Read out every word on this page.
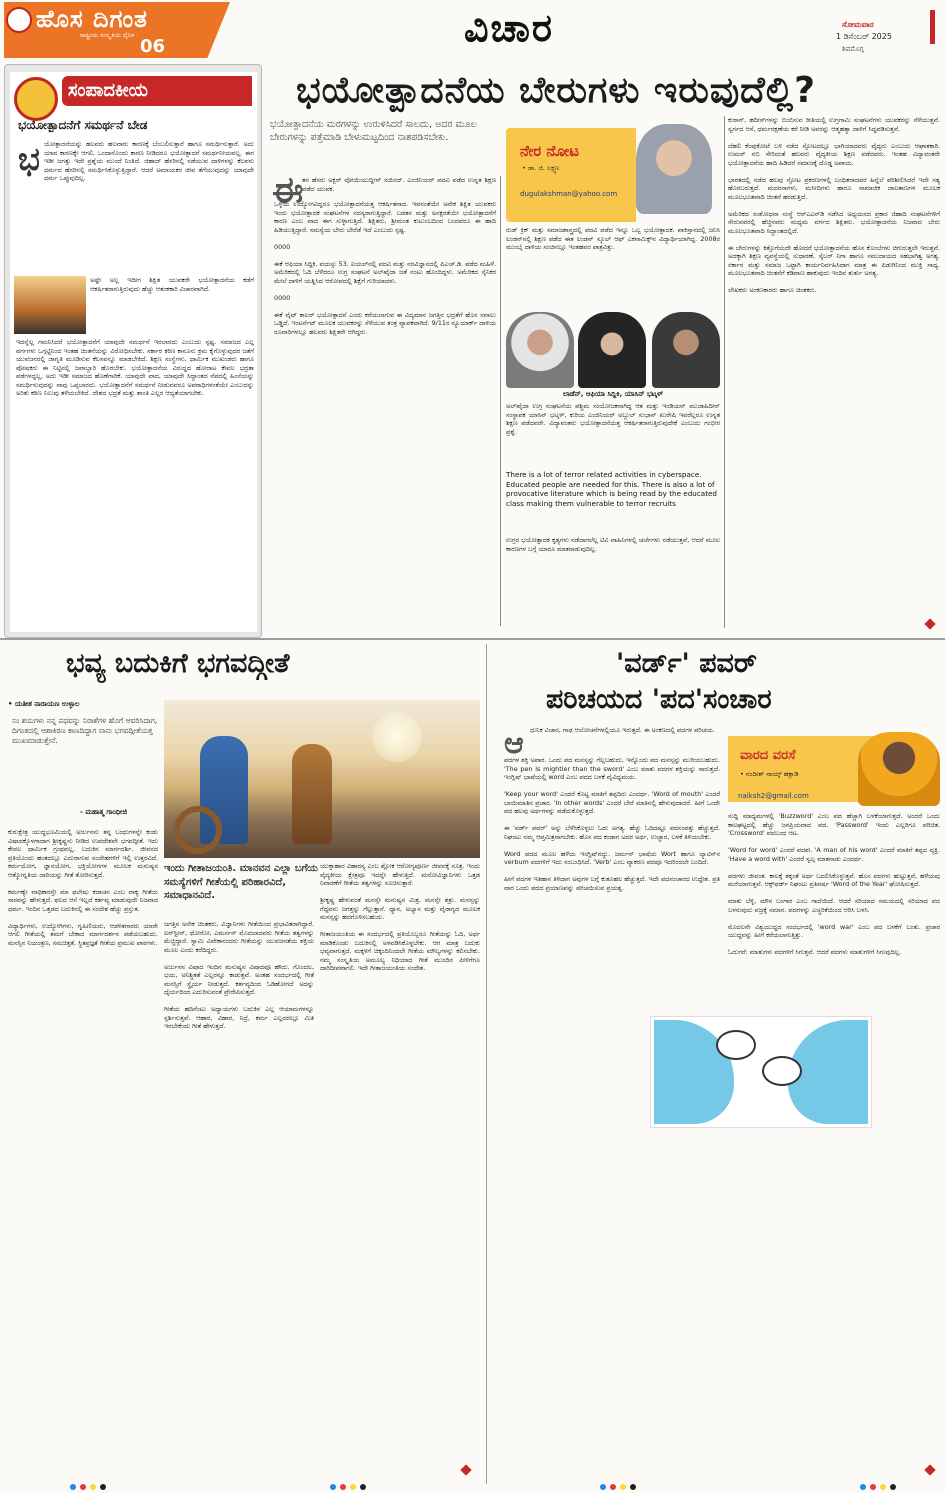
ಹೊಸ ದಿಗಂತ
ರಾಷ್ಟ್ರೀಯ ಸಂಸ್ಕೃತಿಯ ದೈನಿಕ
06	ವಿಚಾರ	ಸೋಮವಾರ
1 ಡಿಸೆಂಬರ್ 2025
ಶಿವಮೊಗ್ಗ
ಸಂಪಾದಕೀಯ
ಭಯೋತ್ಪಾದನೆಗೆ ಸಮರ್ಥನೆ ಬೇಡ
ಭ ಯೋತ್ಪಾದನೆಯನ್ನು ಹಲವರು ಹಲವಾರು ಕಾರಣಕ್ಕೆ ಬೆಂಬಲಿಸುತ್ತಾರೆ ಹಾಗೂ ಸಮರ್ಥಿಸುತ್ತಾರೆ. ಅದು ಯಾವ ಕಾರಣಕ್ಕೇ ಆಗಲಿ, ಒಂದಾನೊಂದು ಕಾರಣ ನೀಡಿದರೂ ಭಯೋತ್ಪಾದನೆ ಸಮರ್ಥನೀಯವಲ್ಲ. ಈಗ ಇಡೀ ಜಗತ್ತು ಇದೇ ಪ್ರಶ್ನೆಯ ಮುಂದೆ ನಿಂತಿದೆ. ಜಿಹಾದ್ ಹೆಸರಿನಲ್ಲಿ ನಡೆಯುವ ದಾಳಿಗಳನ್ನು ಕೆಲವರು ಧರ್ಮದ ಹೆಸರಿನಲ್ಲಿ ಸಮರ್ಥಿಸಿಕೊಳ್ಳುತ್ತಿದ್ದಾರೆ. ಆದರೆ ಅಮಾಯಕರ ಜೀವ ತೆಗೆಯುವುದನ್ನು ಯಾವುದೇ ಧರ್ಮ ಒಪ್ಪುವುದಿಲ್ಲ.
ಅಷ್ಟೇ ಅಲ್ಲ ಇದೀಗ ಶಿಕ್ಷಿತ ಯುವಕರೇ ಭಯೋತ್ಪಾದನೆಯ ಕಡೆಗೆ ಆಕರ್ಷಿತರಾಗುತ್ತಿರುವುದು ಹೆಚ್ಚು ಆತಂಕಕಾರಿ ವಿಚಾರವಾಗಿದೆ.
ಇದನ್ನೆಲ್ಲ ಗಮನಿಸಿದರೆ ಭಯೋತ್ಪಾದನೆಗೆ ಯಾವುದೇ ಸಮರ್ಥನೆ ಇರಲಾರದು ಎಂಬುದು ಸ್ಪಷ್ಟ. ಸಮಾಜದ ಎಲ್ಲ ವರ್ಗಗಳು ಒಗ್ಗಟ್ಟಿನಿಂದ ಇಂತಹ ಚಿಂತನೆಯನ್ನು ವಿರೋಧಿಸಬೇಕು. ಸರ್ಕಾರ ಕಠಿಣ ಕಾನೂನು ಕ್ರಮ ಕೈಗೊಳ್ಳುವುದರ ಜತೆಗೆ ಯುವಜನರಲ್ಲಿ ಜಾಗೃತಿ ಮೂಡಿಸುವ ಕೆಲಸವನ್ನೂ ಮಾಡಬೇಕಿದೆ. ಶಿಕ್ಷಣ ಸಂಸ್ಥೆಗಳು, ಧಾರ್ಮಿಕ ಮುಖಂಡರು ಹಾಗೂ ಪೋಷಕರು ಈ ನಿಟ್ಟಿನಲ್ಲಿ ಜವಾಬ್ದಾರಿ ಹೊರಬೇಕು. ಭಯೋತ್ಪಾದನೆಯ ವಿರುದ್ಧದ ಹೋರಾಟ ಕೇವಲ ಭದ್ರತಾ ಪಡೆಗಳದ್ದಲ್ಲ, ಅದು ಇಡೀ ಸಮಾಜದ ಹೊಣೆಗಾರಿಕೆ. ಯಾವುದೇ ವಾದ, ಯಾವುದೇ ಸಿದ್ಧಾಂತದ ನೆಪದಲ್ಲಿ ಹಿಂಸೆಯನ್ನು ಸಮರ್ಥಿಸುವುದನ್ನು ನಾವು ಒಪ್ಪಬಾರದು. ಭಯೋತ್ಪಾದನೆಗೆ ಸಮರ್ಥನೆ ನೀಡುವವರೂ ಅಪರಾಧಿಗಳಂತೆಯೇ ಎಂಬುದನ್ನು ಅರಿತು ಕಠಿಣ ನಿಲುವು ತಳೆಯಬೇಕಿದೆ. ದೇಶದ ಭದ್ರತೆ ಮತ್ತು ಶಾಂತಿ ಎಲ್ಲರ ಆದ್ಯತೆಯಾಗಬೇಕು.
ಭಯೋತ್ಪಾದನೆಯ ಬೇರುಗಳು ಇರುವುದೆಲ್ಲಿ?
ಭಯೋತ್ಪಾದನೆಯ ಮರಗಳನ್ನು ಉರುಳಿಸಿದರೆ ಸಾಲದು, ಅದರ ಮೂಲ ಬೇರುಗಳನ್ನು ಪತ್ತೆಮಾಡಿ ಬೇಳುಮಟ್ಟದಿಂದ ನಾಶಪಡಿಸಬೇಕು.
ಈ
ತನ ಹೆಸರು ಅಕ್ಬರ್ ವೋಯಿಯುದ್ದೀನ್ ಸಯೀದ್. ಎಂಜಿನಿಯರ್ ಪದವಿ ಪಡೆದ ಉನ್ನತ ಶಿಕ್ಷಣ ಪಡೆದ ಯುವಕ.
ಒಳ್ಳೆಯ ಉದ್ಯೋಗವಿದ್ದರೂ ಭಯೋತ್ಪಾದನೆಯತ್ತ ಆಕರ್ಷಿತನಾದ. ಇವನಂತೆಯೇ ಅನೇಕ ಶಿಕ್ಷಿತ ಯುವಕರು ಇಂದು ಭಯೋತ್ಪಾದಕ ಸಂಘಟನೆಗಳ ಸದಸ್ಯರಾಗುತ್ತಿದ್ದಾರೆ. ಬಡತನ ಮತ್ತು ಅನಕ್ಷರತೆಯೇ ಭಯೋತ್ಪಾದನೆಗೆ ಕಾರಣ ಎಂಬ ವಾದ ಈಗ ಸುಳ್ಳಾಗುತ್ತಿದೆ. ಶಿಕ್ಷಿತರು, ಶ್ರೀಮಂತ ಕುಟುಂಬದಿಂದ ಬಂದವರೂ ಈ ಹಾದಿ ಹಿಡಿಯುತ್ತಿದ್ದಾರೆ. ಸಮಸ್ಯೆಯ ಬೇರು ಬೇರೆಡೆ ಇದೆ ಎಂಬುದು ಸ್ಪಷ್ಟ.

0000

ಈಕೆ ಆಫಿಯಾ ಸಿದ್ದಿಕಿ. ವಯಸ್ಸು 53. ಐಯಲ್‌ನಲ್ಲಿ ಪದವಿ ಮತ್ತು ನರವಿಜ್ಞಾನದಲ್ಲಿ ಪಿಎಚ್.ಡಿ. ಪಡೆದ ಮಹಿಳೆ. ಅಮೆರಿಕದಲ್ಲಿ ಓದಿ ಬೆಳೆದರೂ ಉಗ್ರ ಸಂಘಟನೆ ಅಲ್‌ಖೈದಾ ಜತೆ ನಂಟು ಹೊಂದಿದ್ದಳು. ಅಮೆರಿಕದ ಸೈನಿಕರ ಮೇಲೆ ದಾಳಿಗೆ ಯತ್ನಿಸಿದ ಆರೋಪದಲ್ಲಿ ಶಿಕ್ಷೆಗೆ ಗುರಿಯಾದಳು.

0000

ಈಕೆ ವೈಟ್ ಕಾಲರ್ ಭಯೋತ್ಪಾದನೆ ಎಂದು ಕರೆಯಲಾಗುವ ಈ ವಿದ್ಯಮಾನ ಜಗತ್ತಿನ ಭದ್ರತೆಗೆ ಹೊಸ ಸವಾಲು ಒಡ್ಡಿದೆ. ಇಂಟರ್ನೆಟ್ ಮೂಲಕ ಯುವಕರನ್ನು ಸೆಳೆಯುವ ತಂತ್ರ ವ್ಯಾಪಕವಾಗಿದೆ. 9/11ರ ನ್ಯೂಯಾರ್ಕ್ ದಾಳಿಯ ರೂವಾರಿಗಳಲ್ಲೂ ಹಲವರು ಶಿಕ್ಷಿತರೇ ಆಗಿದ್ದರು.
ನೇರ ನೋಟ
• ಡಾ. ಜಿ. ಲಕ್ಷ್ಮಣ
dugulakshman@yahoo.com
ರುಡ್ ಕ್ರಿಕ್ ಮತ್ತು ಸಮಾಜಶಾಸ್ತ್ರದಲ್ಲಿ ಪದವಿ ಪಡೆದ ಇನ್ನೂ ಒಬ್ಬ ಭಯೋತ್ಪಾದಕ. ಪಾಕಿಸ್ತಾನದಲ್ಲಿ ಜನಿಸಿ ಲಂಡನ್‌ನಲ್ಲಿ ಶಿಕ್ಷಣ ಪಡೆದ ಈತ ಲಂಡನ್ ಸ್ಕೂಲ್ ಆಫ್ ಎಕನಾಮಿಕ್ಸ್‌ನ ವಿದ್ಯಾರ್ಥಿಯಾಗಿದ್ದ. 2008ರ ಮುಂಬೈ ದಾಳಿಯ ಸಂಚಿನಲ್ಲೂ ಇಂತಹವರ ಪಾತ್ರವಿತ್ತು.
ಲಾಡೆನ್, ಆಫಿಯಾ ಸಿದ್ದಿಕಿ, ಯಾಸಿನ್ ಭಟ್ಕಳ್
ಅಲ್‌ಖೈದಾ ಉಗ್ರ ಸಂಘಟನೆಯ ಪಶ್ಚಿಮ ಸಂಯೋಜಕನಾಗಿದ್ದ ಆತ ಮತ್ತು ಇಂಡಿಯನ್ ಮುಜಾಹಿದೀನ್ ಸಂಸ್ಥಾಪಕ ಯಾಸಿನ್ ಭಟ್ಕಳ್, ಕುರಿಯ ಎಂಜಿನಿಯರ್ ಅಬ್ದುಲ್ ಸುಭಾನ್ ಖುರೇಷಿ ಇವರೆಲ್ಲರೂ ಉನ್ನತ ಶಿಕ್ಷಣ ಪಡೆದವರೇ. ವಿದ್ಯಾವಂತರು ಭಯೋತ್ಪಾದನೆಯತ್ತ ಆಕರ್ಷಿತರಾಗುತ್ತಿರುವುದೇಕೆ ಎಂಬುದು ಗಂಭೀರ ಪ್ರಶ್ನೆ.
There is a lot of terror related activities in cyberspace. Educated people are needed for this. There is also a lot of provocative literature which is being read by the educated class making them vulnerable to terror recruits
ಉಗ್ರರ ಭಯೋತ್ಪಾದಕ ಕೃತ್ಯಗಳು ನಡೆದಾಗಲೆಲ್ಲ ಟಿವಿ ವಾಹಿನಿಗಳಲ್ಲಿ ಚರ್ಚೆಗಳು ನಡೆಯುತ್ತವೆ, ಆದರೆ ಮೂಲ ಕಾರಣಗಳ ಬಗ್ಗೆ ಯಾರೂ ಮಾತನಾಡುವುದಿಲ್ಲ.
ಕುರಾನ್, ಹದೀಸ್‌ಗಳನ್ನು ಬಿಂಬಿಸುವ ರೀತಿಯಲ್ಲಿ ಉಗ್ರಗಾಮಿ ಸಂಘಟನೆಗಳು ಯುವಕರನ್ನು ಸೆಳೆಯುತ್ತವೆ. ಸ್ವರ್ಗದ ಆಸೆ, ಧರ್ಮರಕ್ಷಣೆಯ ಕರೆ ನೀಡಿ ಅವರನ್ನು ಆತ್ಮಹತ್ಯಾ ದಾಳಿಗೆ ಸಿದ್ಧಪಡಿಸುತ್ತವೆ.

ದೆಹಲಿ ಕೆಂಪುಕೋಟೆ ಬಳಿ ನಡೆದ ಸ್ಫೋಟದಲ್ಲೂ ಭಾಗಿಯಾದವರು ವೈದ್ಯರು ಎಂಬುದು ಆಘಾತಕಾರಿ. ಉಮರ್ ನಬಿ ಸೇರಿದಂತೆ ಹಲವರು ವೈದ್ಯಕೀಯ ಶಿಕ್ಷಣ ಪಡೆದವರು. ಇಂತಹ ವಿದ್ಯಾವಂತರೇ ಭಯೋತ್ಪಾದನೆಯ ಹಾದಿ ಹಿಡಿದರೆ ಸಮಾಜಕ್ಕೆ ದೊಡ್ಡ ಅಪಾಯ.

ಭಾರತದಲ್ಲಿ ನಡೆದ ಹಲವು ಸ್ಫೋಟ ಪ್ರಕರಣಗಳಲ್ಲಿ ಬಂಧಿತರಾದವರ ಹಿನ್ನೆಲೆ ಪರಿಶೀಲಿಸಿದರೆ ಇದೇ ಸತ್ಯ ಹೊರಬರುತ್ತದೆ. ಮದರಸಾಗಳು, ಮಸೀದಿಗಳು ಹಾಗೂ ಸಾಮಾಜಿಕ ಜಾಲತಾಣಗಳ ಮೂಲಕ ಮೂಲಭೂತವಾದಿ ಚಿಂತನೆ ಹರಡುತ್ತಿದೆ.

ಅಮೆರಿಕದ ಸಂಶೋಧನಾ ಸಂಸ್ಥೆ ಆರ್‌ಎಎನ್‌ಡಿ ನಡೆಸಿದ ಅಧ್ಯಯನದ ಪ್ರಕಾರ ಜಿಹಾದಿ ಸಂಘಟನೆಗಳಿಗೆ ಸೇರುವವರಲ್ಲಿ ಹೆಚ್ಚಿನವರು ಮಧ್ಯಮ ವರ್ಗದ ಶಿಕ್ಷಿತರು. ಭಯೋತ್ಪಾದನೆಯ ನಿಜವಾದ ಬೇರು ಮೂಲಭೂತವಾದಿ ಸಿದ್ಧಾಂತದಲ್ಲಿದೆ.

ಈ ಬೇರುಗಳನ್ನು ಕಿತ್ತೊಗೆಯದೇ ಹೋದರೆ ಭಯೋತ್ಪಾದನೆಯ ಹೊಸ ಕೊಂಬೆಗಳು ಚಿಗುರುತ್ತಲೇ ಇರುತ್ತವೆ. ಅದಕ್ಕಾಗಿ ಶಿಕ್ಷಣ ವ್ಯವಸ್ಥೆಯಲ್ಲಿ ಸುಧಾರಣೆ, ಸೈಬರ್ ನಿಗಾ ಹಾಗೂ ಸಮುದಾಯದ ಸಹಭಾಗಿತ್ವ ಅಗತ್ಯ. ಸರ್ಕಾರ ಮತ್ತು ಸಮಾಜ ಒಟ್ಟಾಗಿ ಕಾರ್ಯನಿರ್ವಹಿಸಿದಾಗ ಮಾತ್ರ ಈ ಪಿಡುಗಿನಿಂದ ಮುಕ್ತಿ ಸಾಧ್ಯ. ಮೂಲಭೂತವಾದಿ ಚಿಂತನೆಗೆ ಕಡಿವಾಣ ಹಾಕುವುದು ಇಂದಿನ ತುರ್ತು ಅಗತ್ಯ.

ಲೇಖಕರು ಅಂಕಣಕಾರರು ಹಾಗೂ ಚಿಂತಕರು.
ಭವ್ಯ ಬದುಕಿಗೆ ಭಗವದ್ಗೀತೆ
• ಯತೀಶ ನಾರಾಯಣ ಉಳ್ಳಾಲ
ಸಂ ಶಯಗಳು ನನ್ನ ಪಥವನ್ನು ನಿರಾಶೆಗಳ ಹೊಗೆ ಆವರಿಸಿದಾಗ, ದಿಗಂತದಲ್ಲಿ ಆಶಾಕಿರಣ ಕಾಣದಿದ್ದಾಗ ನಾನು ಭಗವದ್ಗೀತೆಯತ್ತ ಮುಖಮಾಡುತ್ತೇನೆ.
- ಮಹಾತ್ಮ ಗಾಂಧೀಜಿ
ಇಂದು ಗೀತಾಜಯಂತಿ. ಮಾನವನ ಎಲ್ಲಾ ಬಗೆಯ ಸಮಸ್ಯೆಗಳಿಗೆ ಗೀತೆಯಲ್ಲಿ ಪರಿಹಾರವಿದೆ, ಸಮಾಧಾನವಿದೆ.
ಕುರುಕ್ಷೇತ್ರ ಯುದ್ಧಭೂಮಿಯಲ್ಲಿ ಅರ್ಜುನನು ತನ್ನ ಬಂಧುಗಳನ್ನೇ ಕಂಡು ವಿಷಾದಕ್ಕೊಳಗಾದಾಗ ಶ್ರೀಕೃಷ್ಣನು ನೀಡಿದ ಉಪದೇಶವೇ ಭಗವದ್ಗೀತೆ. ಇದು ಕೇವಲ ಧಾರ್ಮಿಕ ಗ್ರಂಥವಲ್ಲ, ಬದುಕಿನ ಮಾರ್ಗದರ್ಶಿ. ಜೀವನದ ಪ್ರತಿಯೊಂದು ಹಂತದಲ್ಲೂ ಎದುರಾಗುವ ಸಂದೇಹಗಳಿಗೆ ಇಲ್ಲಿ ಉತ್ತರವಿದೆ. ಕರ್ಮಯೋಗ, ಜ್ಞಾನಯೋಗ, ಭಕ್ತಿಯೋಗಗಳ ಮೂಲಕ ಮನುಷ್ಯನ ಆತ್ಮೋನ್ನತಿಯ ದಾರಿಯನ್ನು ಗೀತೆ ತೋರಿಸುತ್ತದೆ.

ಕರ್ಮಣ್ಯೇ ವಾಧಿಕಾರಸ್ತೇ ಮಾ ಫಲೇಷು ಕದಾಚನ ಎಂಬ ವಾಕ್ಯ ಗೀತೆಯ ಸಾರವನ್ನು ಹೇಳುತ್ತದೆ. ಫಲದ ಆಸೆ ಇಲ್ಲದೆ ಕರ್ತವ್ಯ ಮಾಡುವುದೇ ನಿಜವಾದ ಧರ್ಮ. ಇಂದಿನ ಒತ್ತಡದ ಬದುಕಿನಲ್ಲಿ ಈ ಸಂದೇಶ ಹೆಚ್ಚು ಪ್ರಸ್ತುತ.

ವಿದ್ಯಾರ್ಥಿಗಳು, ಉದ್ಯೋಗಿಗಳು, ಗೃಹಿಣಿಯರು, ಆಡಳಿತಗಾರರು ಯಾರೇ ಆಗಲಿ ಗೀತೆಯಲ್ಲಿ ತಮಗೆ ಬೇಕಾದ ಮಾರ್ಗದರ್ಶನ ಪಡೆಯಬಹುದು. ಮನಸ್ಸಿನ ನಿಯಂತ್ರಣ, ಸಮಚಿತ್ತತೆ, ಸ್ಥಿತಪ್ರಜ್ಞತೆ ಗೀತೆಯ ಪ್ರಮುಖ ಪಾಠಗಳು.
ಜಗತ್ತಿನ ಅನೇಕ ಚಿಂತಕರು, ವಿಜ್ಞಾನಿಗಳು ಗೀತೆಯಿಂದ ಪ್ರಭಾವಿತರಾಗಿದ್ದಾರೆ. ಐನ್‌ಸ್ಟೀನ್, ಥೋರೋ, ಎಮರ್ಸನ್ ಮೊದಲಾದವರು ಗೀತೆಯ ತತ್ವಗಳನ್ನು ಮೆಚ್ಚಿದ್ದಾರೆ. ಸ್ವಾಮಿ ವಿವೇಕಾನಂದರು ಗೀತೆಯನ್ನು ಯುವಜನತೆಯ ಶಕ್ತಿಯ ಮೂಲ ಎಂದು ಕರೆದಿದ್ದರು.

ಅರ್ಜುನನ ವಿಷಾದ ಇಂದಿನ ಮನುಷ್ಯನ ವಿಷಾದವೂ ಹೌದು. ಗೊಂದಲ, ಭಯ, ಅನಿಶ್ಚಿತತೆ ಎಲ್ಲರನ್ನೂ ಕಾಡುತ್ತವೆ. ಅಂತಹ ಸಂದರ್ಭದಲ್ಲಿ ಗೀತೆ ಮನಸ್ಸಿಗೆ ಸ್ಥೈರ್ಯ ನೀಡುತ್ತದೆ. ಕರ್ತವ್ಯದಿಂದ ಓಡಿಹೋಗದೆ ಅದನ್ನು ಧೈರ್ಯದಿಂದ ಎದುರಿಸುವಂತೆ ಪ್ರೇರೇಪಿಸುತ್ತದೆ.

ಗೀತೆಯ ಹದಿನೆಂಟು ಅಧ್ಯಾಯಗಳು ಬದುಕಿನ ಎಲ್ಲ ಆಯಾಮಗಳನ್ನೂ ಸ್ಪರ್ಶಿಸುತ್ತವೆ. ಆಹಾರ, ವಿಹಾರ, ನಿದ್ರೆ, ಕರ್ಮ ಎಲ್ಲದರಲ್ಲೂ ಮಿತಿ ಇರಬೇಕೆಂದು ಗೀತೆ ಹೇಳುತ್ತದೆ.
ಯುಕ್ತಾಹಾರ ವಿಹಾರಸ್ಯ ಎಂಬ ಶ್ಲೋಕ ಆರೋಗ್ಯಪೂರ್ಣ ಜೀವನಕ್ಕೆ ಸೂತ್ರ. ಇಂದು ವೈದ್ಯಕೀಯ ಕ್ಷೇತ್ರವೂ ಇದನ್ನೇ ಹೇಳುತ್ತಿದೆ. ಮನೋವಿಜ್ಞಾನಿಗಳು ಒತ್ತಡ ನಿವಾರಣೆಗೆ ಗೀತೆಯ ತತ್ವಗಳನ್ನು ಸೂಚಿಸುತ್ತಾರೆ.

ಶ್ರೀಕೃಷ್ಣ ಹೇಳುವಂತೆ ಮನಸ್ಸೇ ಮನುಷ್ಯನ ಮಿತ್ರ, ಮನಸ್ಸೇ ಶತ್ರು. ಮನಸ್ಸನ್ನು ಗೆದ್ದವನು ಜಗತ್ತನ್ನು ಗೆಲ್ಲುತ್ತಾನೆ. ಧ್ಯಾನ, ಅಭ್ಯಾಸ ಮತ್ತು ವೈರಾಗ್ಯದ ಮೂಲಕ ಮನಸ್ಸನ್ನು ಹದಗೊಳಿಸಬಹುದು.

ಗೀತಾಜಯಂತಿಯ ಈ ಸಂದರ್ಭದಲ್ಲಿ ಪ್ರತಿಯೊಬ್ಬರೂ ಗೀತೆಯನ್ನು ಓದಿ, ಅರ್ಥ ಮಾಡಿಕೊಂಡು ಬದುಕಿನಲ್ಲಿ ಅಳವಡಿಸಿಕೊಳ್ಳಬೇಕು. ಆಗ ಮಾತ್ರ ಬದುಕು ಭವ್ಯವಾಗುತ್ತದೆ. ಮಕ್ಕಳಿಗೆ ಚಿಕ್ಕಂದಿನಿಂದಲೇ ಗೀತೆಯ ಮೌಲ್ಯಗಳನ್ನು ಕಲಿಸಬೇಕು. ನಮ್ಮ ಸಂಸ್ಕೃತಿಯ ಅಮೂಲ್ಯ ನಿಧಿಯಾದ ಗೀತೆ ಮುಂದಿನ ಪೀಳಿಗೆಗೂ ದಾರಿದೀಪವಾಗಲಿ. ಇದೇ ಗೀತಾಜಯಂತಿಯ ಸಂದೇಶ.
'ವರ್ಡ್' ಪವರ್
ಪರಿಚಯದ 'ಪದ'ಸಂಚಾರ
ಆ ಧುನಿಕ ವಿಚಾರ, ಗಾಢ ಆಲೋಚನೆಗಳಲ್ಲಿಯೂ ಇರುತ್ತದೆ. ಈ ಅಂಕಣದಲ್ಲಿ ಪದಗಳ ಪರಿಚಯ.
ಪದಗಳ ಶಕ್ತಿ ಅಪಾರ. ಒಂದು ಪದ ಮನಸ್ಸನ್ನು ಗೆಲ್ಲಬಹುದು, ಇನ್ನೊಂದು ಪದ ಮನಸ್ಸನ್ನು ಮುರಿಯಬಹುದು. 'The pen is mightier than the sword' ಎಂಬ ಮಾತು ಪದಗಳ ಶಕ್ತಿಯನ್ನು ಸಾರುತ್ತದೆ. ಇಂಗ್ಲಿಷ್ ಭಾಷೆಯಲ್ಲಿ word ಎಂಬ ಪದದ ಬಳಕೆ ವೈವಿಧ್ಯಮಯ.

'Keep your word' ಎಂದರೆ ಕೊಟ್ಟ ಮಾತಿಗೆ ತಪ್ಪದಿರು ಎಂದರ್ಥ. 'Word of mouth' ಎಂದರೆ ಬಾಯಿಮಾತಿನ ಪ್ರಚಾರ. 'In other words' ಎಂದರೆ ಬೇರೆ ಮಾತಿನಲ್ಲಿ ಹೇಳುವುದಾದರೆ. ಹೀಗೆ ಒಂದೇ ಪದ ಹಲವು ಅರ್ಥಗಳನ್ನು ಪಡೆದುಕೊಳ್ಳುತ್ತದೆ.

ಈ 'ವರ್ಡ್ ಪವರ್' ಅನ್ನು ಬೆಳೆಸಿಕೊಳ್ಳಲು ಓದು ಅಗತ್ಯ. ಹೆಚ್ಚು ಓದಿದಷ್ಟೂ ಪದಸಂಪತ್ತು ಹೆಚ್ಚುತ್ತದೆ. ನಿಘಂಟು ನಮ್ಮ ಆಪ್ತಮಿತ್ರನಾಗಬೇಕು. ಹೊಸ ಪದ ಕಂಡಾಗ ಅದರ ಅರ್ಥ, ಉಚ್ಚಾರ, ಬಳಕೆ ತಿಳಿಯಬೇಕು.

Word ಪದದ ಮೂಲ ಹಳೆಯ ಇಂಗ್ಲಿಷ್‌ನದ್ದು. ಜರ್ಮನ್ ಭಾಷೆಯ Wort ಹಾಗೂ ಲ್ಯಾಟಿನ್‌ನ verbum ಪದಗಳಿಗೆ ಇದು ಸಂಬಂಧಿಸಿದೆ. 'Verb' ಎಂಬ ವ್ಯಾಕರಣ ಪದವೂ ಇದರಿಂದಲೇ ಬಂದಿದೆ.

ಹೀಗೆ ಪದಗಳ ಇತಿಹಾಸ ತಿಳಿದಾಗ ಅವುಗಳ ಬಗ್ಗೆ ಕುತೂಹಲ ಹೆಚ್ಚುತ್ತದೆ. ಇದೇ ಪದಸಂಚಾರದ ಉದ್ದೇಶ. ಪ್ರತಿ ವಾರ ಒಂದು ಪದದ ಪ್ರಯಾಣವನ್ನು ಪರಿಚಯಿಸುವ ಪ್ರಯತ್ನ.
ವಾರದ ವರಸೆ
• ನಂದೀಶ್ ನಾಯ್ಕ್ ಹಕ್ಲಾಡಿ
naiksh2@gmail.com
ಸುದ್ದಿ ಮಾಧ್ಯಮಗಳಲ್ಲಿ 'Buzzword' ಎಂಬ ಪದ ಹೆಚ್ಚಾಗಿ ಬಳಕೆಯಾಗುತ್ತದೆ. ಅಂದರೆ ಒಂದು ಕಾಲಘಟ್ಟದಲ್ಲಿ ಹೆಚ್ಚು ಜನಪ್ರಿಯವಾದ ಪದ. 'Password' ಇಂದು ಎಲ್ಲರಿಗೂ ಪರಿಚಿತ. 'Crossword' ಪದಬಂಧ ಆಟ.

'Word for word' ಎಂದರೆ ಪದಶಃ. 'A man of his word' ಎಂದರೆ ಮಾತಿಗೆ ತಪ್ಪದ ವ್ಯಕ್ತಿ. 'Have a word with' ಎಂದರೆ ಸ್ವಲ್ಪ ಮಾತನಾಡು ಎಂದರ್ಥ.

ಪದಗಳು ಜೀವಂತ. ಕಾಲಕ್ಕೆ ತಕ್ಕಂತೆ ಅರ್ಥ ಬದಲಿಸಿಕೊಳ್ಳುತ್ತವೆ. ಹೊಸ ಪದಗಳು ಹುಟ್ಟುತ್ತವೆ, ಹಳೆಯವು ಮರೆಯಾಗುತ್ತವೆ. ಆಕ್ಸ್‌ಫರ್ಡ್ ನಿಘಂಟು ಪ್ರತಿವರ್ಷ 'Word of the Year' ಘೋಷಿಸುತ್ತದೆ.

ಮಾತು ಬೆಳ್ಳಿ, ಮೌನ ಬಂಗಾರ ಎಂಬ ಗಾದೆಯಿದೆ. ಆದರೆ ಸರಿಯಾದ ಸಮಯದಲ್ಲಿ ಸರಿಯಾದ ಪದ ಬಳಸುವುದು ವಜ್ರಕ್ಕೆ ಸಮಾನ. ಪದಗಳನ್ನು ಎಚ್ಚರಿಕೆಯಿಂದ ಆರಿಸಿ ಬಳಸಿ.

ಮೊದಲನೇ ವಿಶ್ವಯುದ್ಧದ ಸಂದರ್ಭದಲ್ಲಿ 'word war' ಎಂಬ ಪದ ಬಳಕೆಗೆ ಬಂತು. ಪ್ರಚಾರ ಯುದ್ಧವನ್ನು ಹೀಗೆ ಕರೆಯಲಾಗುತ್ತಿತ್ತು.

ಓದುಗರೆ: ಮಾತುಗಳು ಪದಗಳಿಗೆ ಸಿಗುತ್ತವೆ. ಆದರೆ ಪದಗಳು ಮಾತುಗಳಿಗೆ ಸಿಗುವುದಿಲ್ಲ.
